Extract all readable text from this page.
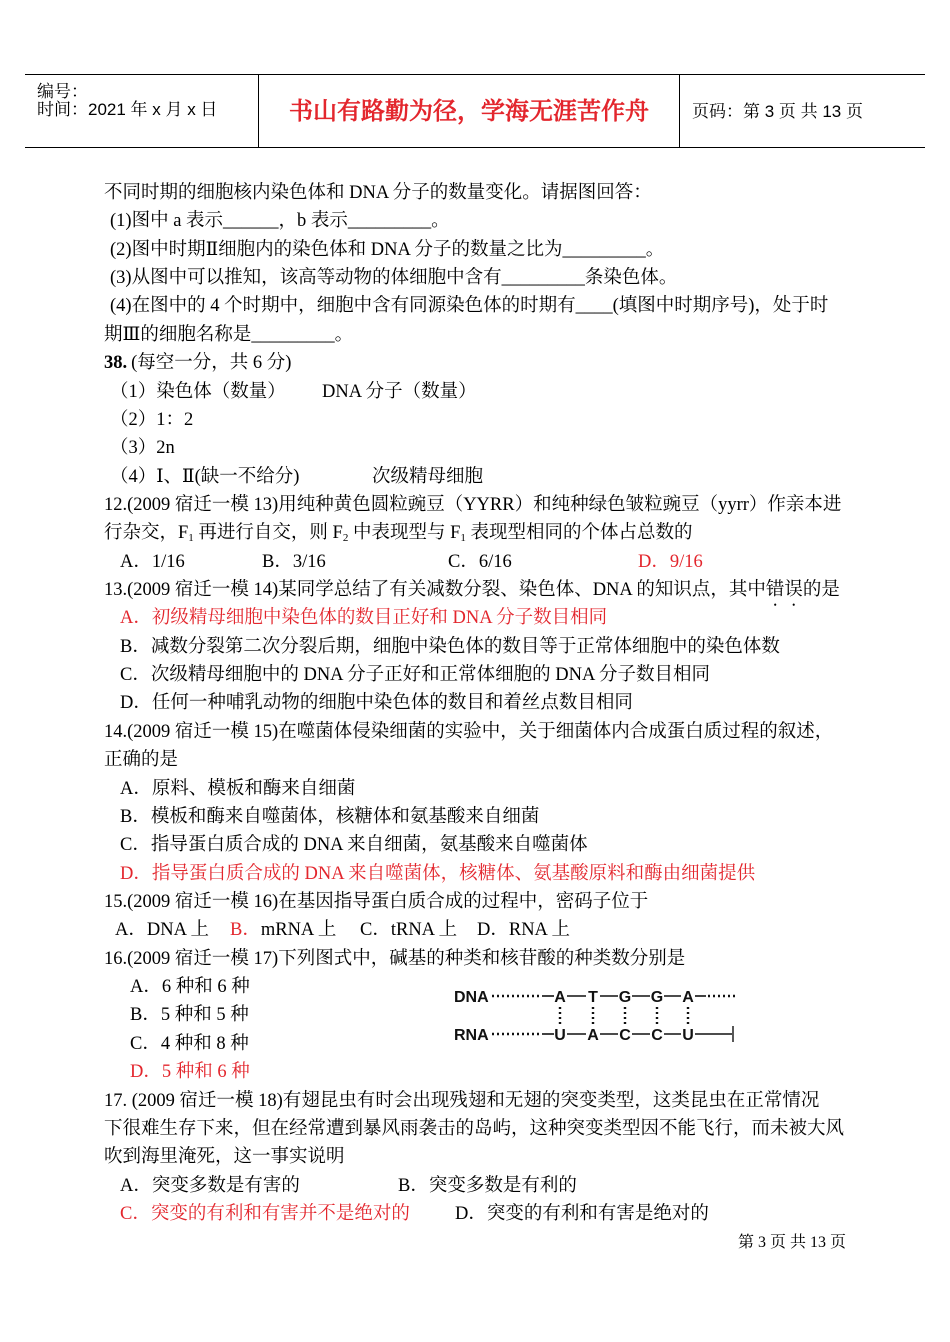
编号：
时间：2021 年 x 月 x 日	书山有路勤为径，学海无涯苦作舟	页码：第 3 页 共 13 页
不同时期的细胞核内染色体和 DNA 分子的数量变化。请据图回答：
(1)图中 a 表示______，b 表示_________。
(2)图中时期Ⅱ细胞内的染色体和 DNA 分子的数量之比为_________。
(3)从图中可以推知，该高等动物的体细胞中含有_________条染色体。
(4)在图中的 4 个时期中，细胞中含有同源染色体的时期有____(填图中时期序号)，处于时
期Ⅲ的细胞名称是_________。
38. (每空一分，共 6 分)
（1）染色体（数量） DNA 分子（数量）
（2）1：2
（3）2n
（4）Ⅰ、Ⅱ(缺一不给分)	次级精母细胞
12.(2009 宿迁一模 13)用纯种黄色圆粒豌豆（YYRR）和纯种绿色皱粒豌豆（yyrr）作亲本进
行杂交，$F_1$ 再进行自交，则 $F_2$ 中表现型与 $F_1$ 表现型相同的个体占总数的
A．1/16	B．3/16	C．6/16	D．9/16
13.(2009 宿迁一模 14)某同学总结了有关减数分裂、染色体、DNA 的知识点，其中错误的是
A．初级精母细胞中染色体的数目正好和 DNA 分子数目相同
B．减数分裂第二次分裂后期，细胞中染色体的数目等于正常体细胞中的染色体数
C．次级精母细胞中的 DNA 分子正好和正常体细胞的 DNA 分子数目相同
D．任何一种哺乳动物的细胞中染色体的数目和着丝点数目相同
14.(2009 宿迁一模 15)在噬菌体侵染细菌的实验中，关于细菌体内合成蛋白质过程的叙述，
正确的是
A．原料、模板和酶来自细菌
B．模板和酶来自噬菌体，核糖体和氨基酸来自细菌
C．指导蛋白质合成的 DNA 来自细菌，氨基酸来自噬菌体
D．指导蛋白质合成的 DNA 来自噬菌体，核糖体、氨基酸原料和酶由细菌提供
15.(2009 宿迁一模 16)在基因指导蛋白质合成的过程中，密码子位于
A．DNA 上 B．mRNA 上 C．tRNA 上 D．RNA 上
16.(2009 宿迁一模 17)下列图式中，碱基的种类和核苷酸的种类数分别是
A．6 种和 6 种
B．5 种和 5 种
C．4 种和 8 种
D．5 种和 6 种
17. (2009 宿迁一模 18)有翅昆虫有时会出现残翅和无翅的突变类型，这类昆虫在正常情况
下很难生存下来，但在经常遭到暴风雨袭击的岛屿，这种突变类型因不能飞行，而未被大风
吹到海里淹死，这一事实说明
A．突变多数是有害的	B．突变多数是有利的
C．突变的有利和有害并不是绝对的 D．突变的有利和有害是绝对的
DNA	A T G G A
RNA	U A C C U
第 3 页 共 13 页
